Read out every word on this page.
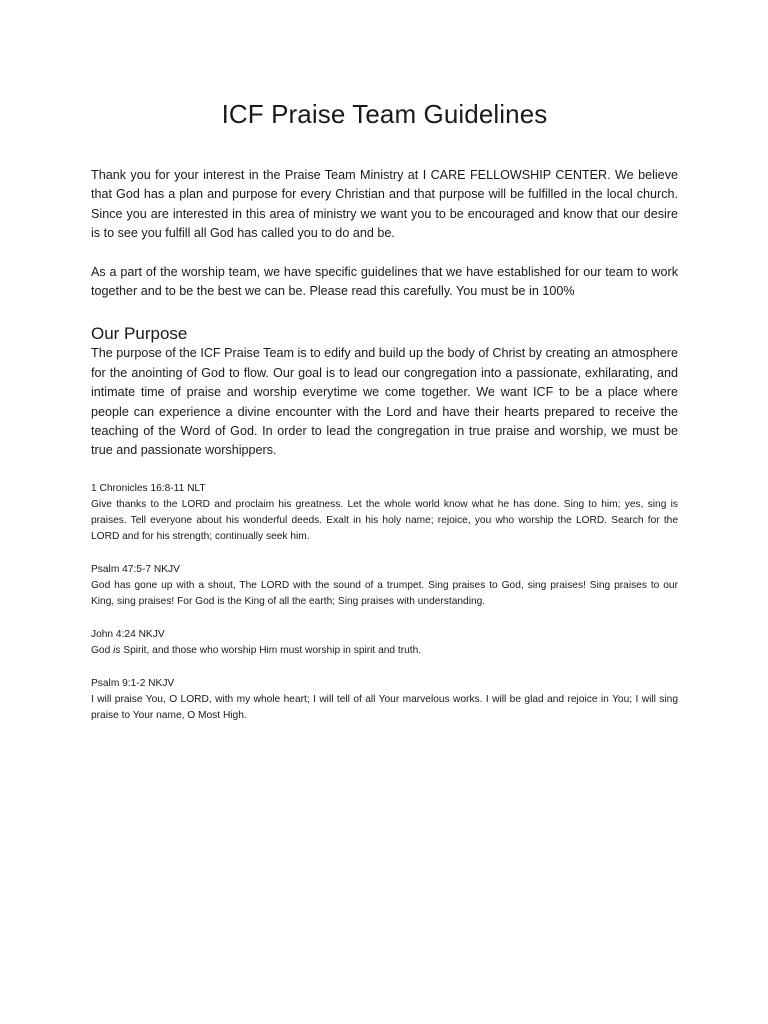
ICF Praise Team Guidelines

Thank you for your interest in the Praise Team Ministry at I CARE FELLOWSHIP CENTER. We believe that God has a plan and purpose for every Christian and that purpose will be fulfilled in the local church. Since you are interested in this area of ministry we want you to be encouraged and know that our desire is to see you fulfill all God has called you to do and be.

As a part of the worship team, we have specific guidelines that we have established for our team to work together and to be the best we can be. Please read this carefully. You must be in 100%

Our Purpose

The purpose of the ICF Praise Team is to edify and build up the body of Christ by creating an atmosphere for the anointing of God to flow. Our goal is to lead our congregation into a passionate, exhilarating, and intimate time of praise and worship everytime we come together. We want ICF to be a place where people can experience a divine encounter with the Lord and have their hearts prepared to receive the teaching of the Word of God. In order to lead the congregation in true praise and worship, we must be true and passionate worshippers.

1 Chronicles 16:8-11 NLT

Give thanks to the LORD and proclaim his greatness. Let the whole world know what he has done. Sing to him; yes, sing is praises. Tell everyone about his wonderful deeds. Exalt in his holy name; rejoice, you who worship the LORD. Search for the LORD and for his strength; continually seek him.

Psalm 47:5-7 NKJV

God has gone up with a shout, The LORD with the sound of a trumpet. Sing praises to God, sing praises! Sing praises to our King, sing praises! For God is the King of all the earth; Sing praises with understanding.

John 4:24 NKJV

God is Spirit, and those who worship Him must worship in spirit and truth.

Psalm 9:1-2 NKJV

I will praise You, O LORD, with my whole heart; I will tell of all Your marvelous works. I will be glad and rejoice in You; I will sing praise to Your name, O Most High.
